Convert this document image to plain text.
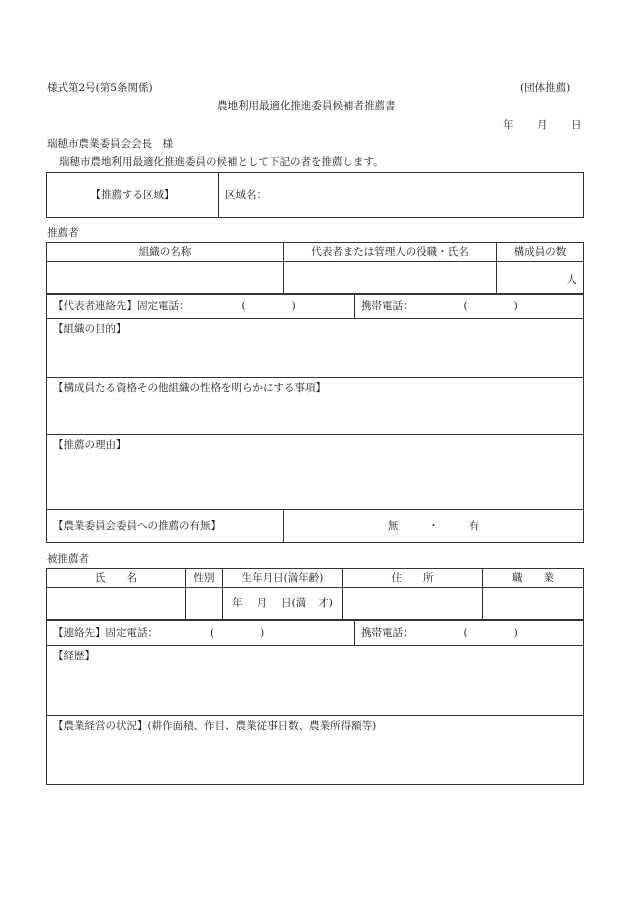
様式第2号(第5条関係)	(団体推薦)
農地利用最適化推進委員候補者推薦書
年 月 日
瑞穂市農業委員会会長　様
瑞穂市農地利用最適化推進委員の候補として下記の者を推薦します。
【推薦する区域】	区域名：
推薦者
組織の名称	代表者または管理人の役職・氏名	構成員の数
		人
【代表者連絡先】固定電話：	(	)	携帯電話：	(	)
【組織の目的】
【構成員たる資格その他組織の性格を明らかにする事項】
【推薦の理由】
【農業委員会委員への推薦の有無】	無	・	有
被推薦者
氏　　名	性別	生年月日(満年齢)	住　　所	職　　業
		年 月 日(満 才)		
【連絡先】固定電話：	(	)	携帯電話：	(	)
【経歴】
【農業経営の状況】(耕作面積、作目、農業従事日数、農業所得額等)
